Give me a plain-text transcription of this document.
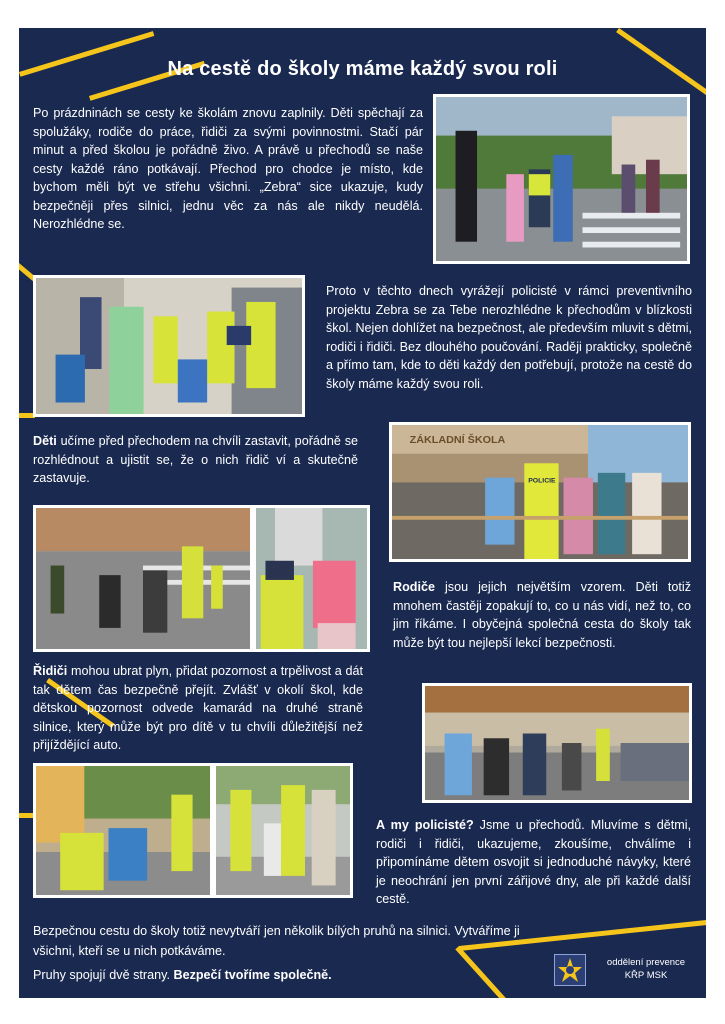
Na cestě do školy máme každý svou roli
Po prázdninách se cesty ke školám znovu zaplnily. Děti spěchají za spolužáky, rodiče do práce, řidiči za svými povinnostmi. Stačí pár minut a před školou je pořádně živo. A právě u přechodů se naše cesty každé ráno potkávají. Přechod pro chodce je místo, kde bychom měli být ve střehu všichni. „Zebra“ sice ukazuje, kudy bezpečněji přes silnici, jednu věc za nás ale nikdy neudělá. Nerozhlédne se.
Proto v těchto dnech vyrážejí policisté v rámci preventivního projektu Zebra se za Tebe nerozhlédne k přechodům v blízkosti škol. Nejen dohlížet na bezpečnost, ale především mluvit s dětmi, rodiči i řidiči. Bez dlouhého poučování. Raději prakticky, společně a přímo tam, kde to děti každý den potřebují, protože na cestě do školy máme každý svou roli.
Děti učíme před přechodem na chvíli zastavit, pořádně se rozhlédnout a ujistit se, že o nich řidič ví a skutečně zastavuje.
ZÁKLADNÍ ŠKOLA
POLICIE
Rodiče jsou jejich největším vzorem. Děti totiž mnohem častěji zopakují to, co u nás vidí, než to, co jim říkáme. I obyčejná společná cesta do školy tak může být tou nejlepší lekcí bezpečnosti.
Řidiči mohou ubrat plyn, přidat pozornost a trpělivost a dát tak dětem čas bezpečně přejít. Zvlášť v okolí škol, kde dětskou pozornost odvede kamarád na druhé straně silnice, který může být pro dítě v tu chvíli důležitější než přijíždějící auto.
A my policisté? Jsme u přechodů. Mluvíme s dětmi, rodiči i řidiči, ukazujeme, zkoušíme, chválíme i připomínáme dětem osvojit si jednoduché návyky, které je neochrání jen první zářijové dny, ale při každé další cestě.
Bezpečnou cestu do školy totiž nevytváří jen několik bílých pruhů na silnici. Vytváříme ji všichni, kteří se u nich potkáváme.
Pruhy spojují dvě strany. Bezpečí tvoříme společně.
oddělení prevence
KŘP MSK
